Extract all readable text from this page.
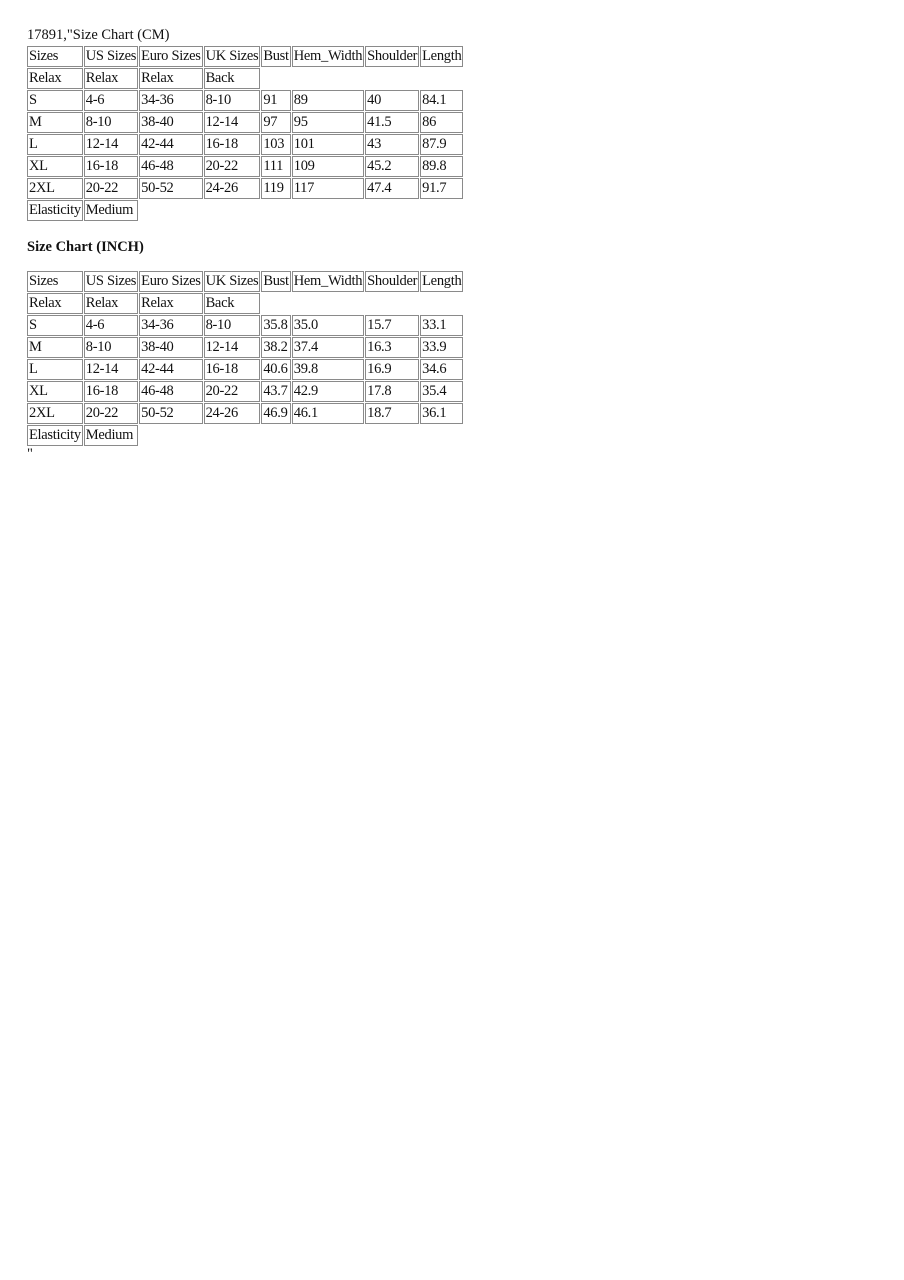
17891,"Size Chart (CM)
Sizes	US Sizes	Euro Sizes	UK Sizes	Bust	Hem_Width	Shoulder	Length
Relax	Relax	Relax	Back				
S	4-6	34-36	8-10	91	89	40	84.1
M	8-10	38-40	12-14	97	95	41.5	86
L	12-14	42-44	16-18	103	101	43	87.9
XL	16-18	46-48	20-22	111	109	45.2	89.8
2XL	20-22	50-52	24-26	119	117	47.4	91.7
Elasticity	Medium						
Size Chart (INCH)
Sizes	US Sizes	Euro Sizes	UK Sizes	Bust	Hem_Width	Shoulder	Length
Relax	Relax	Relax	Back				
S	4-6	34-36	8-10	35.8	35.0	15.7	33.1
M	8-10	38-40	12-14	38.2	37.4	16.3	33.9
L	12-14	42-44	16-18	40.6	39.8	16.9	34.6
XL	16-18	46-48	20-22	43.7	42.9	17.8	35.4
2XL	20-22	50-52	24-26	46.9	46.1	18.7	36.1
Elasticity	Medium						
"
